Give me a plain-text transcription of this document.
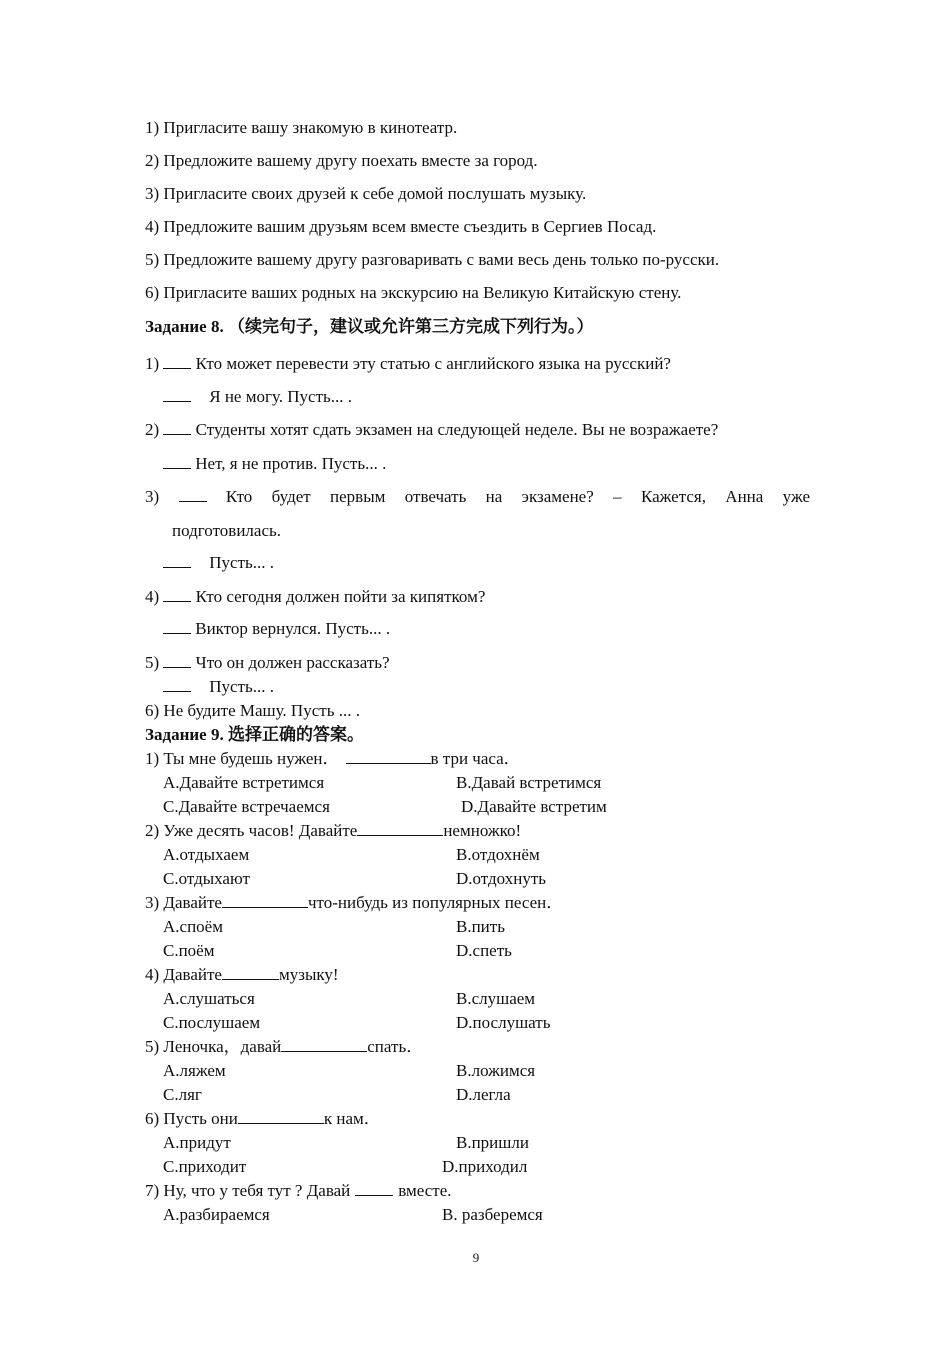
1) Пригласите вашу знакомую в кинотеатр.
2) Предложите вашему другу поехать вместе за город.
3) Пригласите своих друзей к себе домой послушать музыку.
4) Предложите вашим друзьям всем вместе съездить в Сергиев Посад.
5) Предложите вашему другу разговаривать с вами весь день только по-русски.
6) Пригласите ваших родных на экскурсию на Великую Китайскую стену.
Задание 8. （续完句子，建议或允许第三方完成下列行为。）
1) Кто может перевести эту статью с английского языка на русский?
Я не могу. Пусть... .
2) Студенты хотят сдать экзамен на следующей неделе. Вы не возражаете?
Нет, я не против. Пусть... .
3)	Кто будет первым отвечать на экзамене? – Кажется, Анна уже
подготовилась.
Пусть... .
4) Кто сегодня должен пойти за кипятком?
Виктор вернулся. Пусть... .
5) Что он должен рассказать?
Пусть... .
6) Не будите Машу. Пусть ... .
Задание 9. 选择正确的答案。
1) Ты мне будешь нужен．	в три часа．
A.Давайте встретимся	B.Давай встретимся
C.Давайте встречаемся	D.Давайте встретим
2) Уже десять часов! Давайте	немножко!
A.отдыхаем	B.отдохнём
C.отдыхают	D.отдохнуть
3) Давайте	что-нибудь из популярных песен．
A.споём	B.пить
C.поём	D.спеть
4) Давайте	музыку!
A.слушаться	B.слушаем
C.послушаем	D.послушать
5) Леночка，давай	спать．
A.ляжем	B.ложимся
C.ляг	D.легла
6) Пусть они	к нам．
A.придут	B.пришли
C.приходит	D.приходил
7) Ну, что у тебя тут ? Давай	вместе.
A.разбираемся	B. разберемся
9
